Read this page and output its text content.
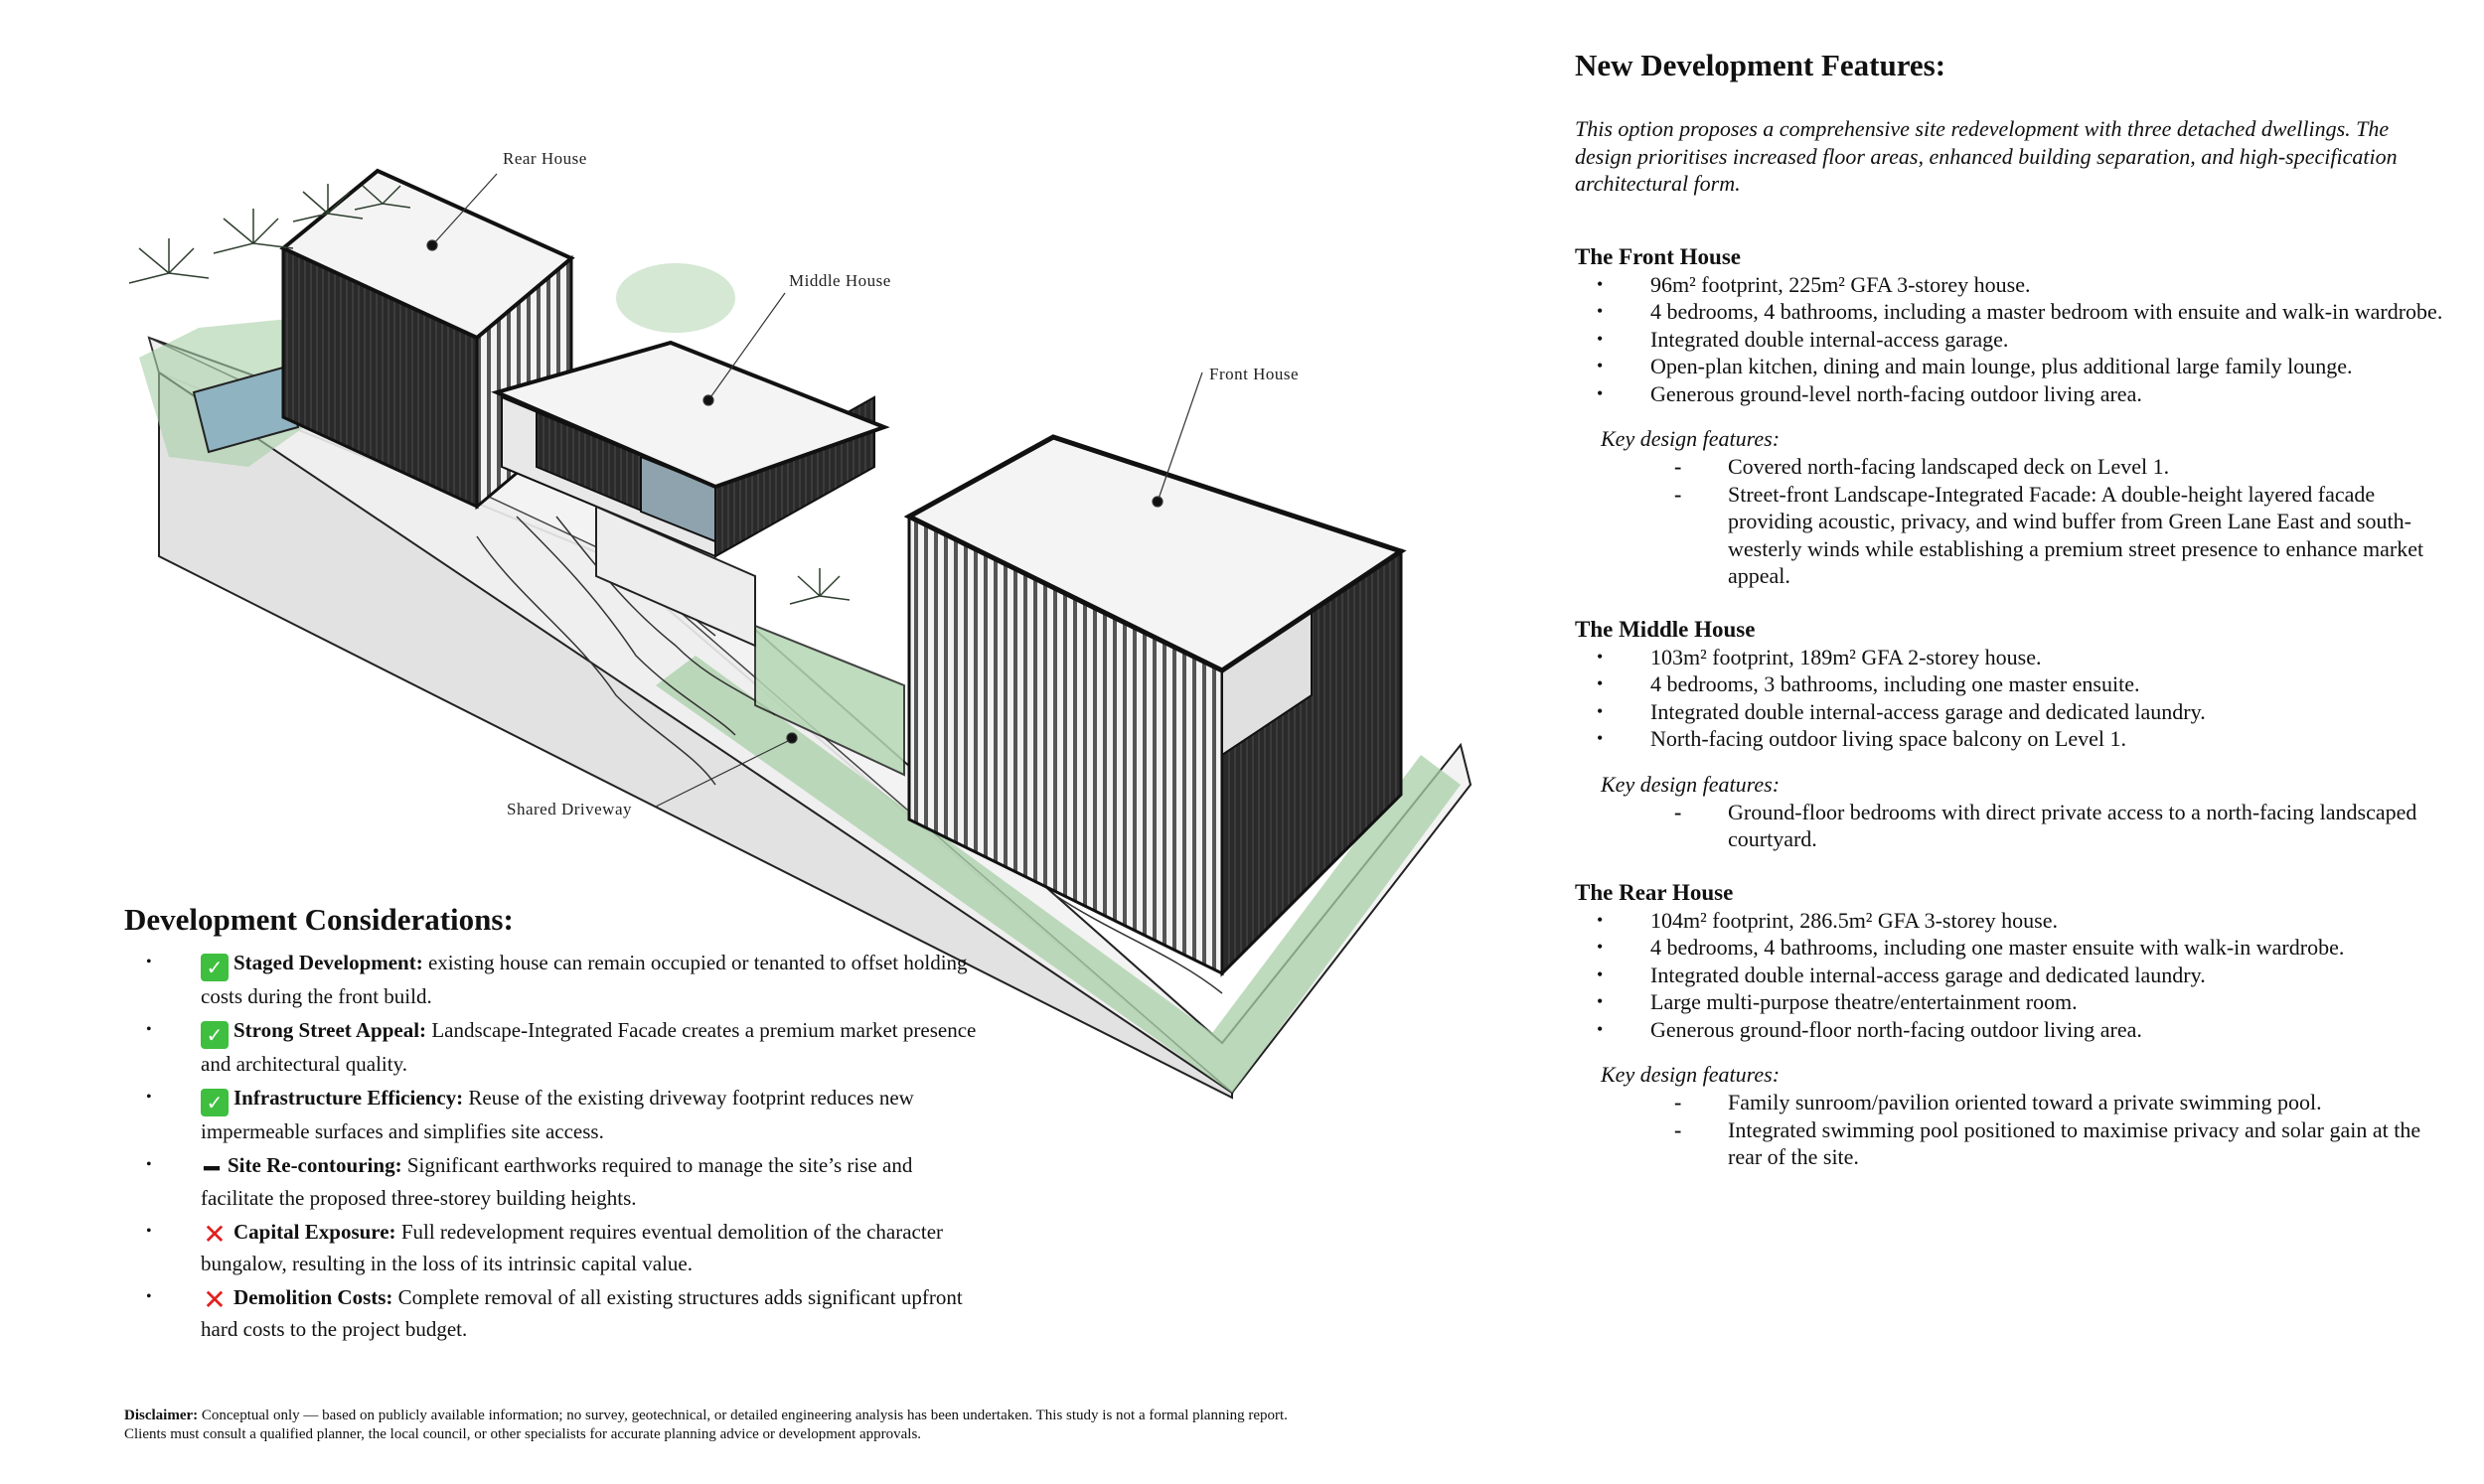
Rear House
Middle House
Front House
Shared Driveway
Development Considerations:
•	✓ Staged Development: existing house can remain occupied or tenanted to offset holding costs during the front build.
•	✓ Strong Street Appeal: Landscape-Integrated Facade creates a premium market presence and architectural quality.
•	✓ Infrastructure Efficiency: Reuse of the existing driveway footprint reduces new impermeable surfaces and simplifies site access.
• ━ Site Re-contouring: Significant earthworks required to manage the site’s rise and facilitate the proposed three-storey building heights.
• ✕ Capital Exposure: Full redevelopment requires eventual demolition of the character bungalow, resulting in the loss of its intrinsic capital value.
• ✕ Demolition Costs: Complete removal of all existing structures adds significant upfront hard costs to the project budget.
Disclaimer: Conceptual only — based on publicly available information; no survey, geotechnical, or detailed engineering analysis has been undertaken. This study is not a formal planning report. Clients must consult a qualified planner, the local council, or other specialists for accurate planning advice or development approvals.
New Development Features:
This option proposes a comprehensive site redevelopment with three detached dwellings. The design prioritises increased floor areas, enhanced building separation, and high-specification architectural form.
The Front House
• 96m² footprint, 225m² GFA 3-storey house.
• 4 bedrooms, 4 bathrooms, including a master bedroom with ensuite and walk-in wardrobe.
• Integrated double internal-access garage.
• Open-plan kitchen, dining and main lounge, plus additional large family lounge.
• Generous ground-level north-facing outdoor living area.
Key design features:
- Covered north-facing landscaped deck on Level 1.
- Street-front Landscape-Integrated Facade: A double-height layered facade providing acoustic, privacy, and wind buffer from Green Lane East and south-westerly winds while establishing a premium street presence to enhance market appeal.
The Middle House
• 103m² footprint, 189m² GFA 2-storey house.
• 4 bedrooms, 3 bathrooms, including one master ensuite.
• Integrated double internal-access garage and dedicated laundry.
• North-facing outdoor living space balcony on Level 1.
Key design features:
- Ground-floor bedrooms with direct private access to a north-facing landscaped courtyard.
The Rear House
• 104m² footprint, 286.5m² GFA 3-storey house.
• 4 bedrooms, 4 bathrooms, including one master ensuite with walk-in wardrobe.
• Integrated double internal-access garage and dedicated laundry.
• Large multi-purpose theatre/entertainment room.
• Generous ground-floor north-facing outdoor living area.
Key design features:
- Family sunroom/pavilion oriented toward a private swimming pool.
- Integrated swimming pool positioned to maximise privacy and solar gain at the rear of the site.
